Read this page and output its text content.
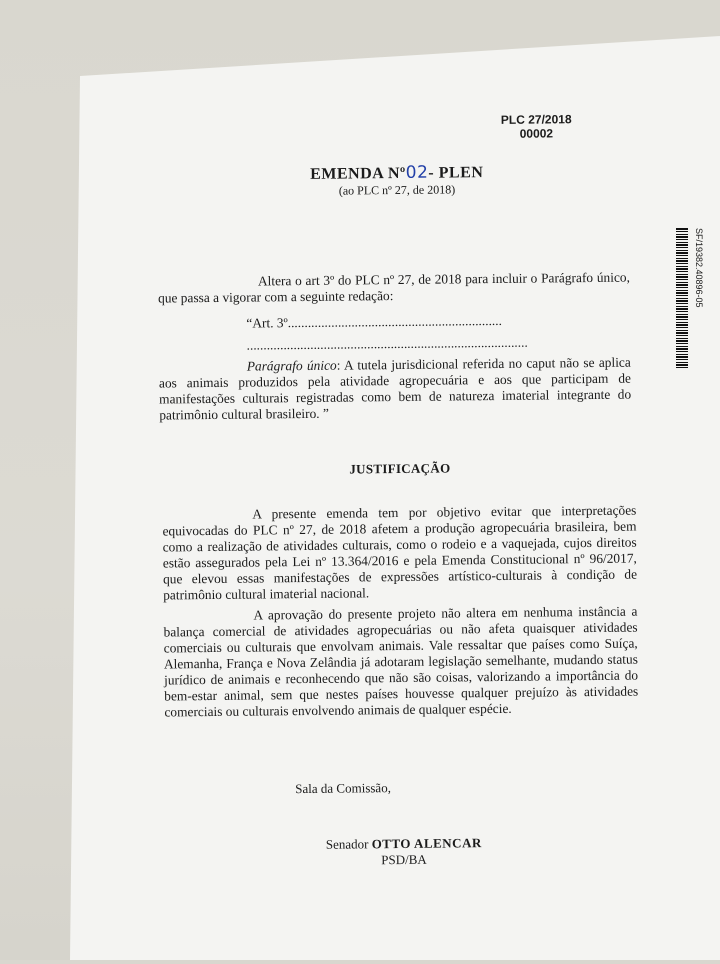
PLC 27/2018
00002
EMENDA Nº02- PLEN
(ao PLC nº 27, de 2018)
Altera o art 3º do PLC nº 27, de 2018 para incluir o Parágrafo único, que passa a vigorar com a seguinte redação:
“Art. 3º................................................................
....................................................................................
Parágrafo único: A tutela jurisdicional referida no caput não se aplica aos animais produzidos pela atividade agropecuária e aos que participam de manifestações culturais registradas como bem de natureza imaterial integrante do patrimônio cultural brasileiro. ”
JUSTIFICAÇÃO
A presente emenda tem por objetivo evitar que interpretações equivocadas do PLC nº 27, de 2018 afetem a produção agropecuária brasileira, bem como a realização de atividades culturais, como o rodeio e a vaquejada, cujos direitos estão assegurados pela Lei nº 13.364/2016 e pela Emenda Constitucional nº 96/2017, que elevou essas manifestações de expressões artístico-culturais à condição de patrimônio cultural imaterial nacional.
A aprovação do presente projeto não altera em nenhuma instância a balança comercial de atividades agropecuárias ou não afeta quaisquer atividades comerciais ou culturais que envolvam animais. Vale ressaltar que países como Suíça, Alemanha, França e Nova Zelândia já adotaram legislação semelhante, mudando status jurídico de animais e reconhecendo que não são coisas, valorizando a importância do bem-estar animal, sem que nestes países houvesse qualquer prejuízo às atividades comerciais ou culturais envolvendo animais de qualquer espécie.
Sala da Comissão,
Senador OTTO ALENCAR
PSD/BA
SF/19382.40896-05
